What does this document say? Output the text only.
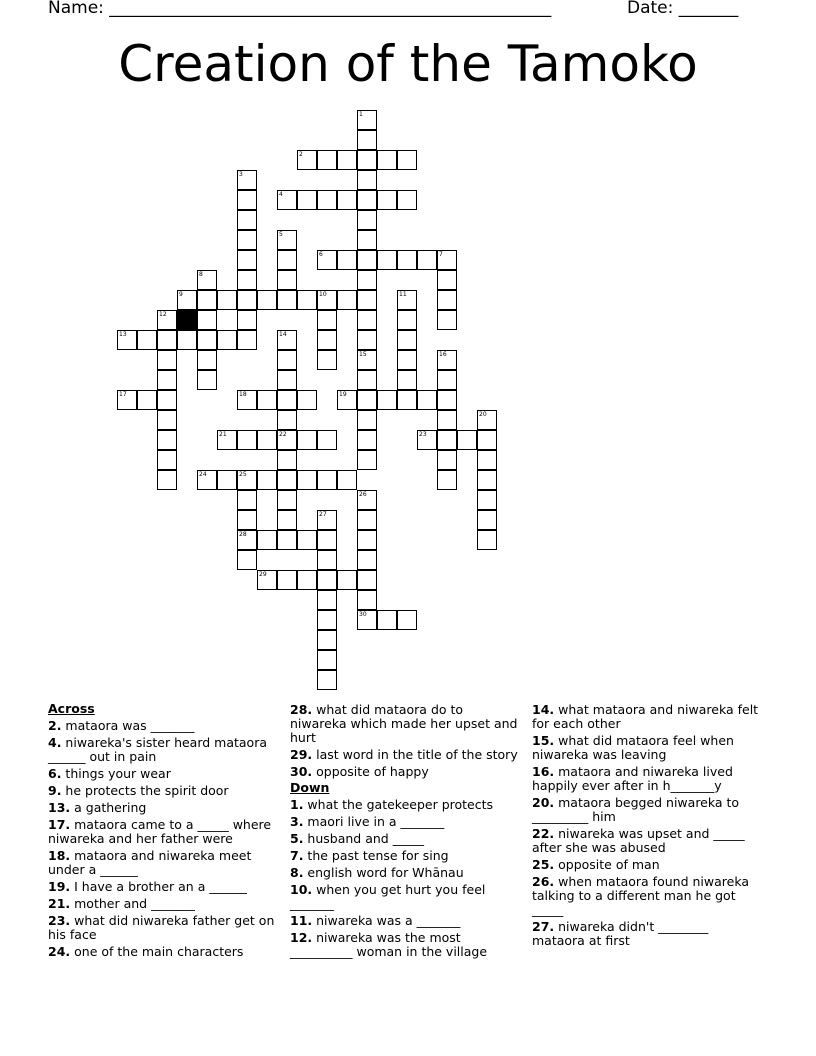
Name: ____________________________________________________	Date: _______
Creation of the Tamoko
1
15
2
3
4
5
6	7
8
9	10	11
12
13	14
22
16
17	18	19
20
21	23
24	25
28
26
27
29
30
Across
2. mataora was _______
4. niwareka's sister heard mataora ______ out in pain
6. things your wear
9. he protects the spirit door
13. a gathering
17. mataora came to a _____ where niwareka and her father were
18. mataora and niwareka meet under a ______
19. I have a brother an a ______
21. mother and _______
23. what did niwareka father get on his face
24. one of the main characters
28. what did mataora do to niwareka which made her upset and hurt
29. last word in the title of the story
30. opposite of happy
Down
1. what the gatekeeper protects
3. maori live in a _______
5. husband and _____
7. the past tense for sing
8. english word for Whānau
10. when you get hurt you feel _______
11. niwareka was a _______
12. niwareka was the most __________ woman in the village
14. what mataora and niwareka felt for each other
15. what did mataora feel when niwareka was leaving
16. mataora and niwareka lived happily ever after in h_______y
20. mataora begged niwareka to _________ him
22. niwareka was upset and _____ after she was abused
25. opposite of man
26. when mataora found niwareka talking to a different man he got _____
27. niwareka didn't ________ mataora at first
